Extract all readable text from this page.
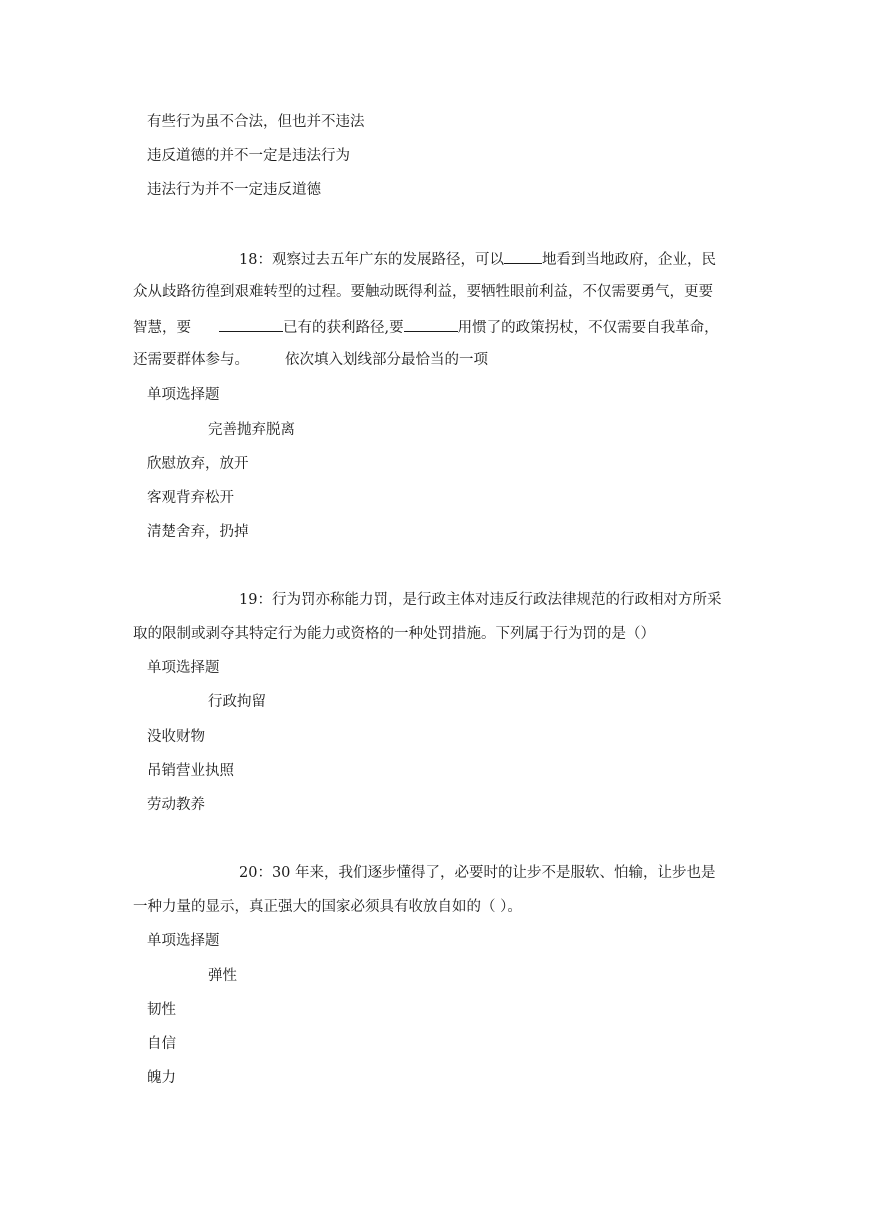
有些行为虽不合法，但也并不违法
违反道德的并不一定是违法行为
违法行为并不一定违反道德
18：观察过去五年广东的发展路径，可以	地看到当地政府，企业，民
众从歧路彷徨到艰难转型的过程。要触动既得利益，要牺牲眼前利益，不仅需要勇气，更要
智慧，要	已有的获利路径,要	用惯了的政策拐杖，不仅需要自我革命，
还需要群体参与。 依次填入划线部分最恰当的一项
单项选择题
完善抛弃脱离
欣慰放弃，放开
客观背弃松开
清楚舍弃，扔掉
19：行为罚亦称能力罚，是行政主体对违反行政法律规范的行政相对方所采
取的限制或剥夺其特定行为能力或资格的一种处罚措施。下列属于行为罚的是（）
单项选择题
行政拘留
没收财物
吊销营业执照
劳动教养
20：30 年来，我们逐步懂得了，必要时的让步不是服软、怕输，让步也是
一种力量的显示，真正强大的国家必须具有收放自如的（ ）。
单项选择题
弹性
韧性
自信
魄力
